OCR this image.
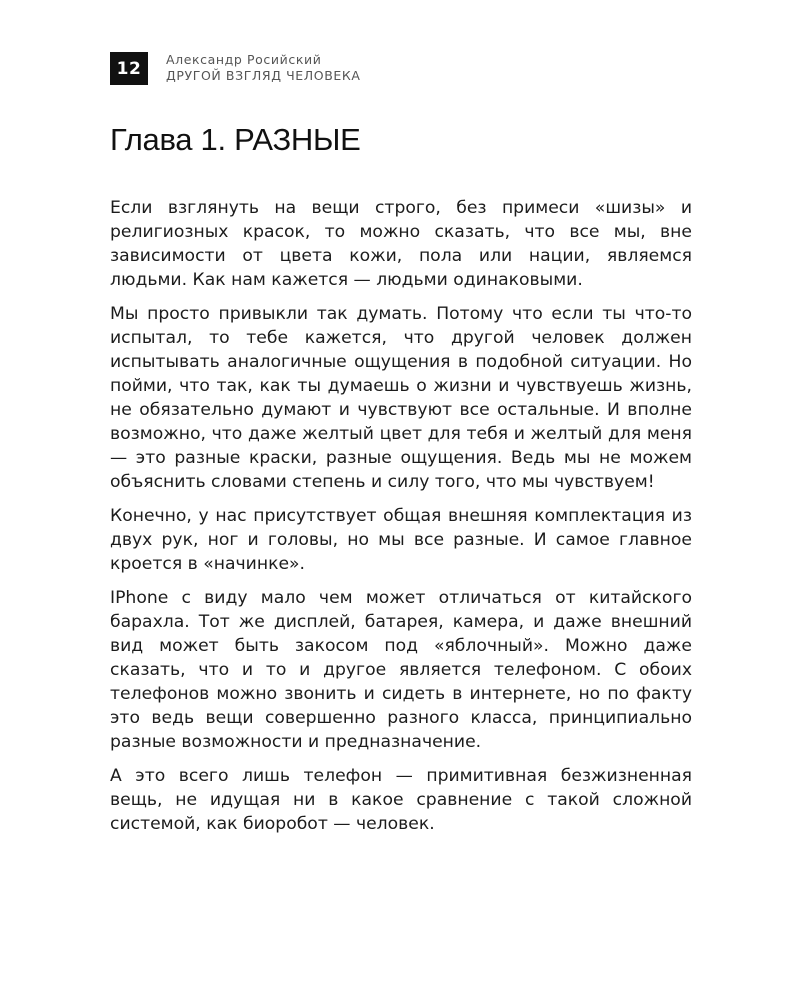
12	Александр Росийский
ДРУГОЙ ВЗГЛЯД ЧЕЛОВЕКА
Глава 1. РАЗНЫЕ

Если взглянуть на вещи строго, без примеси «шизы» и религиозных красок, то можно сказать, что все мы, вне зависимости от цвета кожи, пола или нации, являемся людьми. Как нам кажется — людьми одинаковыми.

Мы просто привыкли так думать. Потому что если ты что-то испытал, то тебе кажется, что другой человек должен испытывать аналогичные ощущения в подобной ситуации. Но пойми, что так, как ты думаешь о жизни и чувствуешь жизнь, не обязательно думают и чувствуют все остальные. И вполне возможно, что даже желтый цвет для тебя и желтый для меня — это разные краски, разные ощущения. Ведь мы не можем объяснить словами степень и силу того, что мы чувствуем!

Конечно, у нас присутствует общая внешняя комплектация из двух рук, ног и головы, но мы все разные. И самое главное кроется в «начинке».

IPhone с виду мало чем может отличаться от китайского барахла. Тот же дисплей, батарея, камера, и даже внешний вид может быть закосом под «яблочный». Можно даже сказать, что и то и другое является телефоном. С обоих телефонов можно звонить и сидеть в интернете, но по факту это ведь вещи совершенно разного класса, принципиально разные возможности и предназначение.

А это всего лишь телефон — примитивная безжизненная вещь, не идущая ни в какое сравнение с такой сложной системой, как биоробот — человек.
